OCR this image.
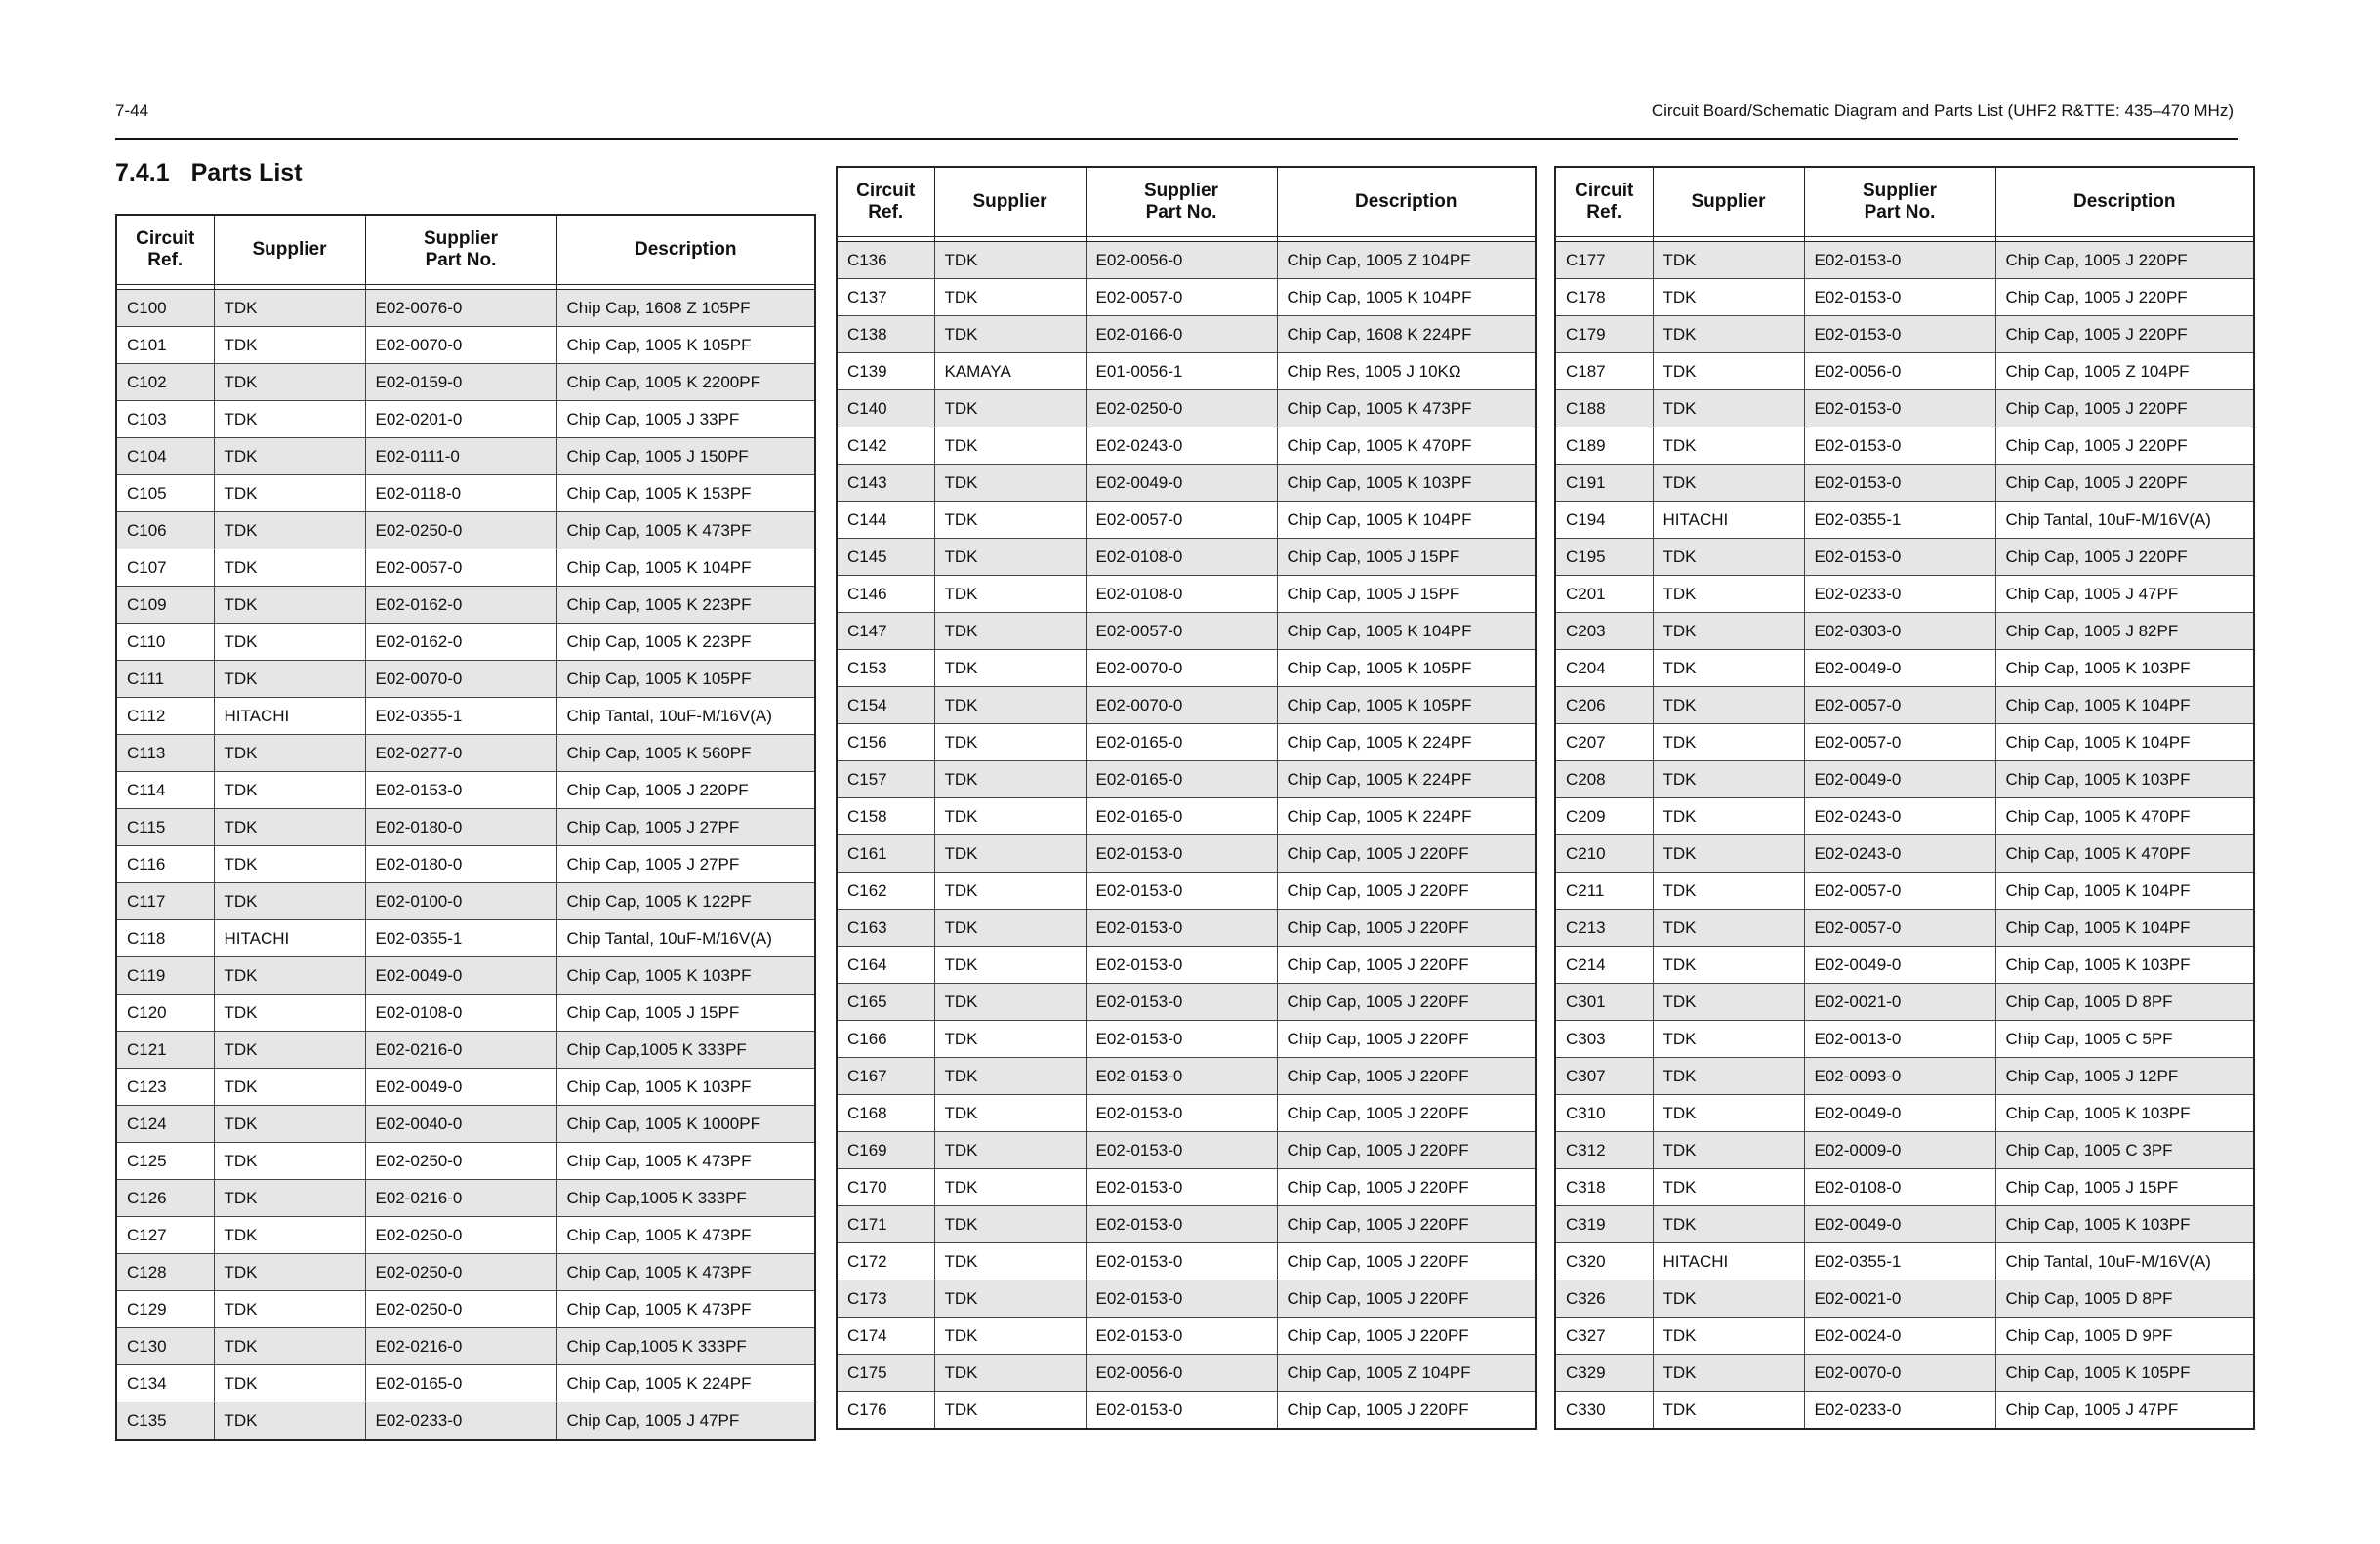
7-44	Circuit Board/Schematic Diagram and Parts List (UHF2 R&TTE: 435–470 MHz)
7.4.1 Parts List
Circuit
Ref.	Supplier	Supplier
Part No.	Description

C100	TDK	E02-0076-0	Chip Cap, 1608 Z 105PF
C101	TDK	E02-0070-0	Chip Cap, 1005 K 105PF
C102	TDK	E02-0159-0	Chip Cap, 1005 K 2200PF
C103	TDK	E02-0201-0	Chip Cap, 1005 J 33PF
C104	TDK	E02-0111-0	Chip Cap, 1005 J 150PF
C105	TDK	E02-0118-0	Chip Cap, 1005 K 153PF
C106	TDK	E02-0250-0	Chip Cap, 1005 K 473PF
C107	TDK	E02-0057-0	Chip Cap, 1005 K 104PF
C109	TDK	E02-0162-0	Chip Cap, 1005 K 223PF
C110	TDK	E02-0162-0	Chip Cap, 1005 K 223PF
C111	TDK	E02-0070-0	Chip Cap, 1005 K 105PF
C112	HITACHI	E02-0355-1	Chip Tantal, 10uF-M/16V(A)
C113	TDK	E02-0277-0	Chip Cap, 1005 K 560PF
C114	TDK	E02-0153-0	Chip Cap, 1005 J 220PF
C115	TDK	E02-0180-0	Chip Cap, 1005 J 27PF
C116	TDK	E02-0180-0	Chip Cap, 1005 J 27PF
C117	TDK	E02-0100-0	Chip Cap, 1005 K 122PF
C118	HITACHI	E02-0355-1	Chip Tantal, 10uF-M/16V(A)
C119	TDK	E02-0049-0	Chip Cap, 1005 K 103PF
C120	TDK	E02-0108-0	Chip Cap, 1005 J 15PF
C121	TDK	E02-0216-0	Chip Cap,1005 K 333PF
C123	TDK	E02-0049-0	Chip Cap, 1005 K 103PF
C124	TDK	E02-0040-0	Chip Cap, 1005 K 1000PF
C125	TDK	E02-0250-0	Chip Cap, 1005 K 473PF
C126	TDK	E02-0216-0	Chip Cap,1005 K 333PF
C127	TDK	E02-0250-0	Chip Cap, 1005 K 473PF
C128	TDK	E02-0250-0	Chip Cap, 1005 K 473PF
C129	TDK	E02-0250-0	Chip Cap, 1005 K 473PF
C130	TDK	E02-0216-0	Chip Cap,1005 K 333PF
C134	TDK	E02-0165-0	Chip Cap, 1005 K 224PF
C135	TDK	E02-0233-0	Chip Cap, 1005 J 47PF
Circuit
Ref.	Supplier	Supplier
Part No.	Description

C136	TDK	E02-0056-0	Chip Cap, 1005 Z 104PF
C137	TDK	E02-0057-0	Chip Cap, 1005 K 104PF
C138	TDK	E02-0166-0	Chip Cap, 1608 K 224PF
C139	KAMAYA	E01-0056-1	Chip Res, 1005 J 10KΩ
C140	TDK	E02-0250-0	Chip Cap, 1005 K 473PF
C142	TDK	E02-0243-0	Chip Cap, 1005 K 470PF
C143	TDK	E02-0049-0	Chip Cap, 1005 K 103PF
C144	TDK	E02-0057-0	Chip Cap, 1005 K 104PF
C145	TDK	E02-0108-0	Chip Cap, 1005 J 15PF
C146	TDK	E02-0108-0	Chip Cap, 1005 J 15PF
C147	TDK	E02-0057-0	Chip Cap, 1005 K 104PF
C153	TDK	E02-0070-0	Chip Cap, 1005 K 105PF
C154	TDK	E02-0070-0	Chip Cap, 1005 K 105PF
C156	TDK	E02-0165-0	Chip Cap, 1005 K 224PF
C157	TDK	E02-0165-0	Chip Cap, 1005 K 224PF
C158	TDK	E02-0165-0	Chip Cap, 1005 K 224PF
C161	TDK	E02-0153-0	Chip Cap, 1005 J 220PF
C162	TDK	E02-0153-0	Chip Cap, 1005 J 220PF
C163	TDK	E02-0153-0	Chip Cap, 1005 J 220PF
C164	TDK	E02-0153-0	Chip Cap, 1005 J 220PF
C165	TDK	E02-0153-0	Chip Cap, 1005 J 220PF
C166	TDK	E02-0153-0	Chip Cap, 1005 J 220PF
C167	TDK	E02-0153-0	Chip Cap, 1005 J 220PF
C168	TDK	E02-0153-0	Chip Cap, 1005 J 220PF
C169	TDK	E02-0153-0	Chip Cap, 1005 J 220PF
C170	TDK	E02-0153-0	Chip Cap, 1005 J 220PF
C171	TDK	E02-0153-0	Chip Cap, 1005 J 220PF
C172	TDK	E02-0153-0	Chip Cap, 1005 J 220PF
C173	TDK	E02-0153-0	Chip Cap, 1005 J 220PF
C174	TDK	E02-0153-0	Chip Cap, 1005 J 220PF
C175	TDK	E02-0056-0	Chip Cap, 1005 Z 104PF
C176	TDK	E02-0153-0	Chip Cap, 1005 J 220PF
Circuit
Ref.	Supplier	Supplier
Part No.	Description

C177	TDK	E02-0153-0	Chip Cap, 1005 J 220PF
C178	TDK	E02-0153-0	Chip Cap, 1005 J 220PF
C179	TDK	E02-0153-0	Chip Cap, 1005 J 220PF
C187	TDK	E02-0056-0	Chip Cap, 1005 Z 104PF
C188	TDK	E02-0153-0	Chip Cap, 1005 J 220PF
C189	TDK	E02-0153-0	Chip Cap, 1005 J 220PF
C191	TDK	E02-0153-0	Chip Cap, 1005 J 220PF
C194	HITACHI	E02-0355-1	Chip Tantal, 10uF-M/16V(A)
C195	TDK	E02-0153-0	Chip Cap, 1005 J 220PF
C201	TDK	E02-0233-0	Chip Cap, 1005 J 47PF
C203	TDK	E02-0303-0	Chip Cap, 1005 J 82PF
C204	TDK	E02-0049-0	Chip Cap, 1005 K 103PF
C206	TDK	E02-0057-0	Chip Cap, 1005 K 104PF
C207	TDK	E02-0057-0	Chip Cap, 1005 K 104PF
C208	TDK	E02-0049-0	Chip Cap, 1005 K 103PF
C209	TDK	E02-0243-0	Chip Cap, 1005 K 470PF
C210	TDK	E02-0243-0	Chip Cap, 1005 K 470PF
C211	TDK	E02-0057-0	Chip Cap, 1005 K 104PF
C213	TDK	E02-0057-0	Chip Cap, 1005 K 104PF
C214	TDK	E02-0049-0	Chip Cap, 1005 K 103PF
C301	TDK	E02-0021-0	Chip Cap, 1005 D 8PF
C303	TDK	E02-0013-0	Chip Cap, 1005 C 5PF
C307	TDK	E02-0093-0	Chip Cap, 1005 J 12PF
C310	TDK	E02-0049-0	Chip Cap, 1005 K 103PF
C312	TDK	E02-0009-0	Chip Cap, 1005 C 3PF
C318	TDK	E02-0108-0	Chip Cap, 1005 J 15PF
C319	TDK	E02-0049-0	Chip Cap, 1005 K 103PF
C320	HITACHI	E02-0355-1	Chip Tantal, 10uF-M/16V(A)
C326	TDK	E02-0021-0	Chip Cap, 1005 D 8PF
C327	TDK	E02-0024-0	Chip Cap, 1005 D 9PF
C329	TDK	E02-0070-0	Chip Cap, 1005 K 105PF
C330	TDK	E02-0233-0	Chip Cap, 1005 J 47PF
